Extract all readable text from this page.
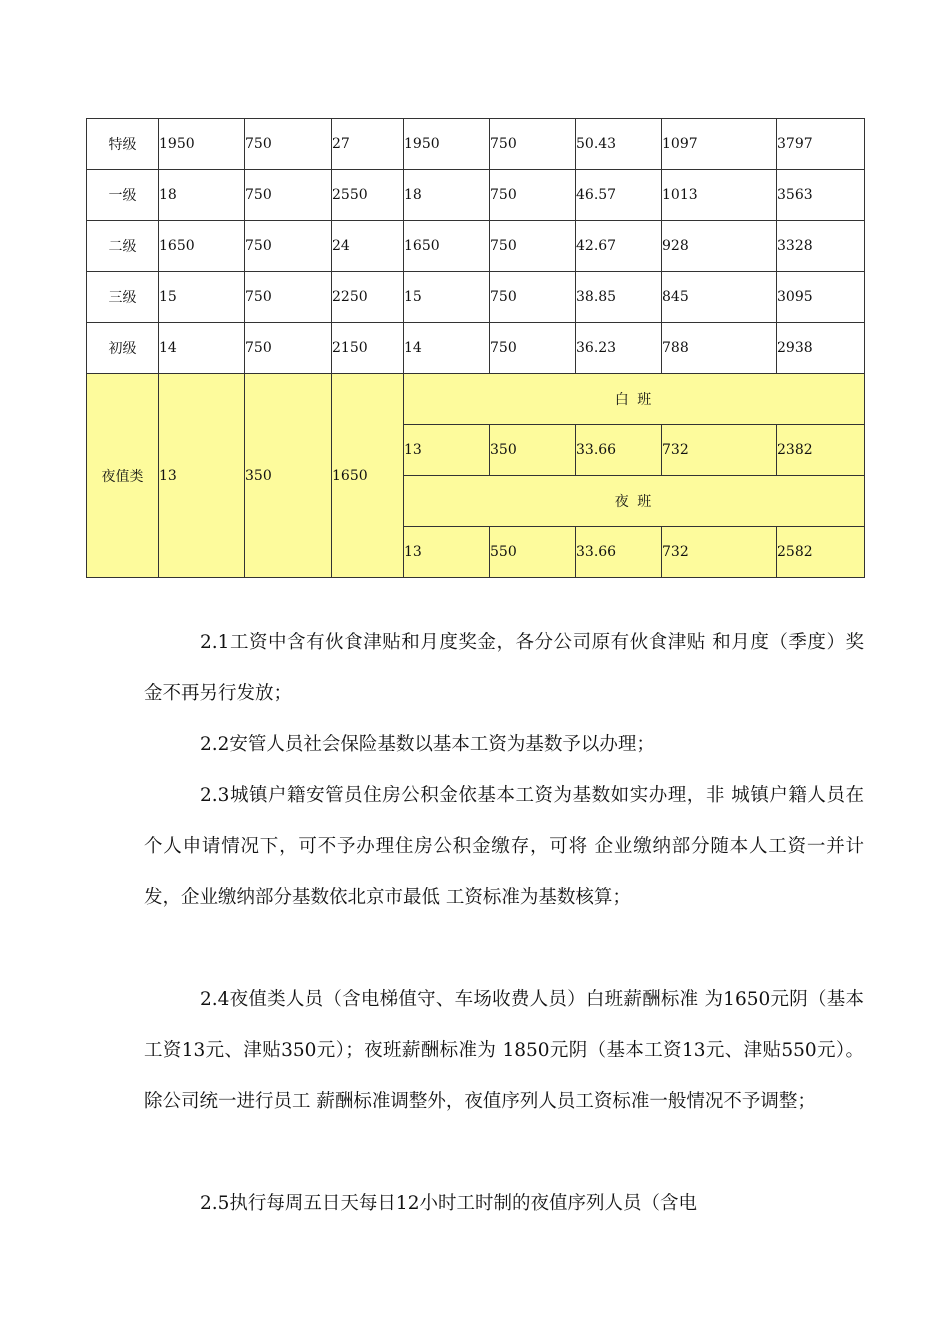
特级	1950	750	27	1950	750	50.43	1097	3797
一级	18	750	2550	18	750	46.57	1013	3563
二级	1650	750	24	1650	750	42.67	928	3328
三级	15	750	2250	15	750	38.85	845	3095
初级	14	750	2150	14	750	36.23	788	2938
夜值类	13	350	1650	白 班				
				13	350	33.66	732	2382
				夜 班				
				13	550	33.66	732	2582

2.1工资中含有伙食津贴和月度奖金，各分公司原有伙食津贴 和月度（季度）奖金不再另行发放；

2.2安管人员社会保险基数以基本工资为基数予以办理；

2.3城镇户籍安管员住房公积金依基本工资为基数如实办理，非 城镇户籍人员在个人申请情况下，可不予办理住房公积金缴存，可将 企业缴纳部分随本人工资一并计发，企业缴纳部分基数依北京市最低 工资标准为基数核算；

2.4夜值类人员（含电梯值守、车场收费人员）白班薪酬标准 为1650元阴（基本工资13元、津贴350元）；夜班薪酬标准为 1850元阴（基本工资13元、津贴550元）。除公司统一进行员工 薪酬标准调整外，夜值序列人员工资标准一般情况不予调整；

2.5执行每周五日天每日12小时工时制的夜值序列人员（含电
